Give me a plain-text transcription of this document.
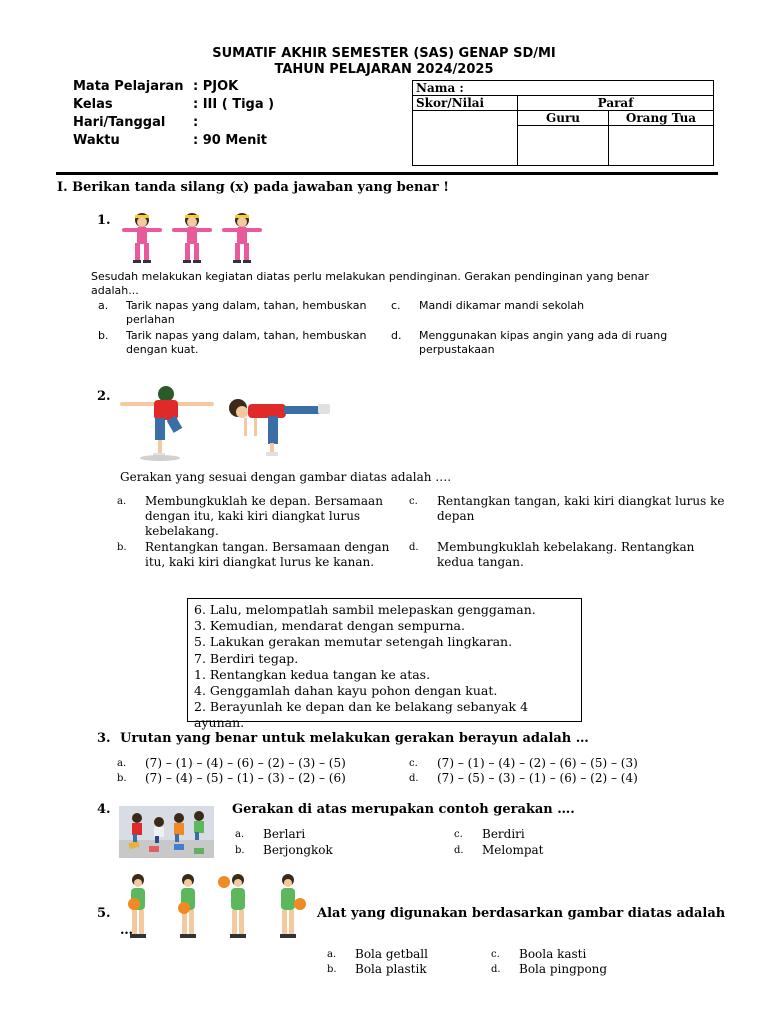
SUMATIF AKHIR SEMESTER (SAS) GENAP SD/MI
TAHUN PELAJARAN 2024/2025
Mata Pelajaran : PJOK
Kelas	: III ( Tiga )
Hari/Tanggal	:
Waktu	: 90 Menit
Nama :		
Skor/Nilai	Paraf	
	Guru	Orang Tua

I. Berikan tanda silang (x) pada jawaban yang benar !
1.
Sesudah melakukan kegiatan diatas perlu melakukan pendinginan. Gerakan pendinginan yang benar adalah...
a. Tarik napas yang dalam, tahan, hembuskan perlahan
b. Tarik napas yang dalam, tahan, hembuskan dengan kuat.
c. Mandi dikamar mandi sekolah
d. Menggunakan kipas angin yang ada di ruang perpustakaan
2.
Gerakan yang sesuai dengan gambar diatas adalah ….
a. Membungkuklah ke depan. Bersamaan dengan itu, kaki kiri diangkat lurus kebelakang.
b. Rentangkan tangan. Bersamaan dengan itu, kaki kiri diangkat lurus ke kanan.
c. Rentangkan tangan, kaki kiri diangkat lurus ke depan
d. Membungkuklah kebelakang. Rentangkan kedua tangan.
6. Lalu, melompatlah sambil melepaskan genggaman.
3. Kemudian, mendarat dengan sempurna.
5. Lakukan gerakan memutar setengah lingkaran.
7. Berdiri tegap.
1. Rentangkan kedua tangan ke atas.
4. Genggamlah dahan kayu pohon dengan kuat.
2. Berayunlah ke depan dan ke belakang sebanyak 4 ayunan.
3. Urutan yang benar untuk melakukan gerakan berayun adalah …
a. (7) – (1) – (4) – (6) – (2) – (3) – (5)
b. (7) – (4) – (5) – (1) – (3) – (2) – (6)
c. (7) – (1) – (4) – (2) – (6) – (5) – (3)
d. (7) – (5) – (3) – (1) – (6) – (2) – (4)
4.	Gerakan di atas merupakan contoh gerakan ….
a. Berlari
b. Berjongkok
c. Berdiri
d. Melompat
5.	Alat yang digunakan berdasarkan gambar diatas adalah
…
a. Bola getball
b. Bola plastik
c. Boola kasti
d. Bola pingpong
